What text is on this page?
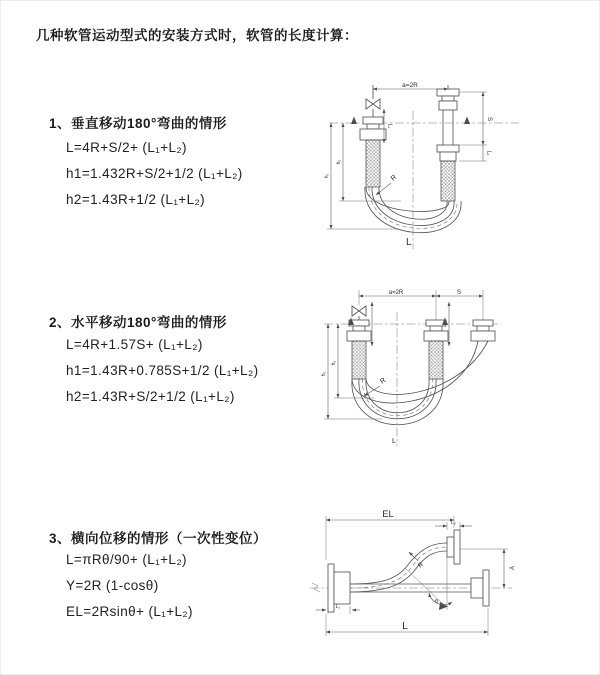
几种软管运动型式的安装方式时，软管的长度计算：
1、垂直移动180°弯曲的情形
L=4R+S/2+ (L₁+L₂)
h1=1.432R+S/2+1/2 (L₁+L₂)
h2=1.43R+1/2 (L₁+L₂)
a=2R
S
L₂
L₁
h₁
h₂
R
L
2、水平移动180°弯曲的情形
L=4R+1.57S+ (L₁+L₂)
h1=1.43R+0.785S+1/2 (L₁+L₂)
h2=1.43R+S/2+1/2 (L₁+L₂)
a=2R	S
h₁
h₂
R
L
3、横向位移的情形（一次性变位）
L=πRθ/90+ (L₁+L₂)
Y=2R (1-cosθ)
EL=2Rsinθ+ (L₁+L₂)
θ
R
EL
L₂
Y
L
L₁
